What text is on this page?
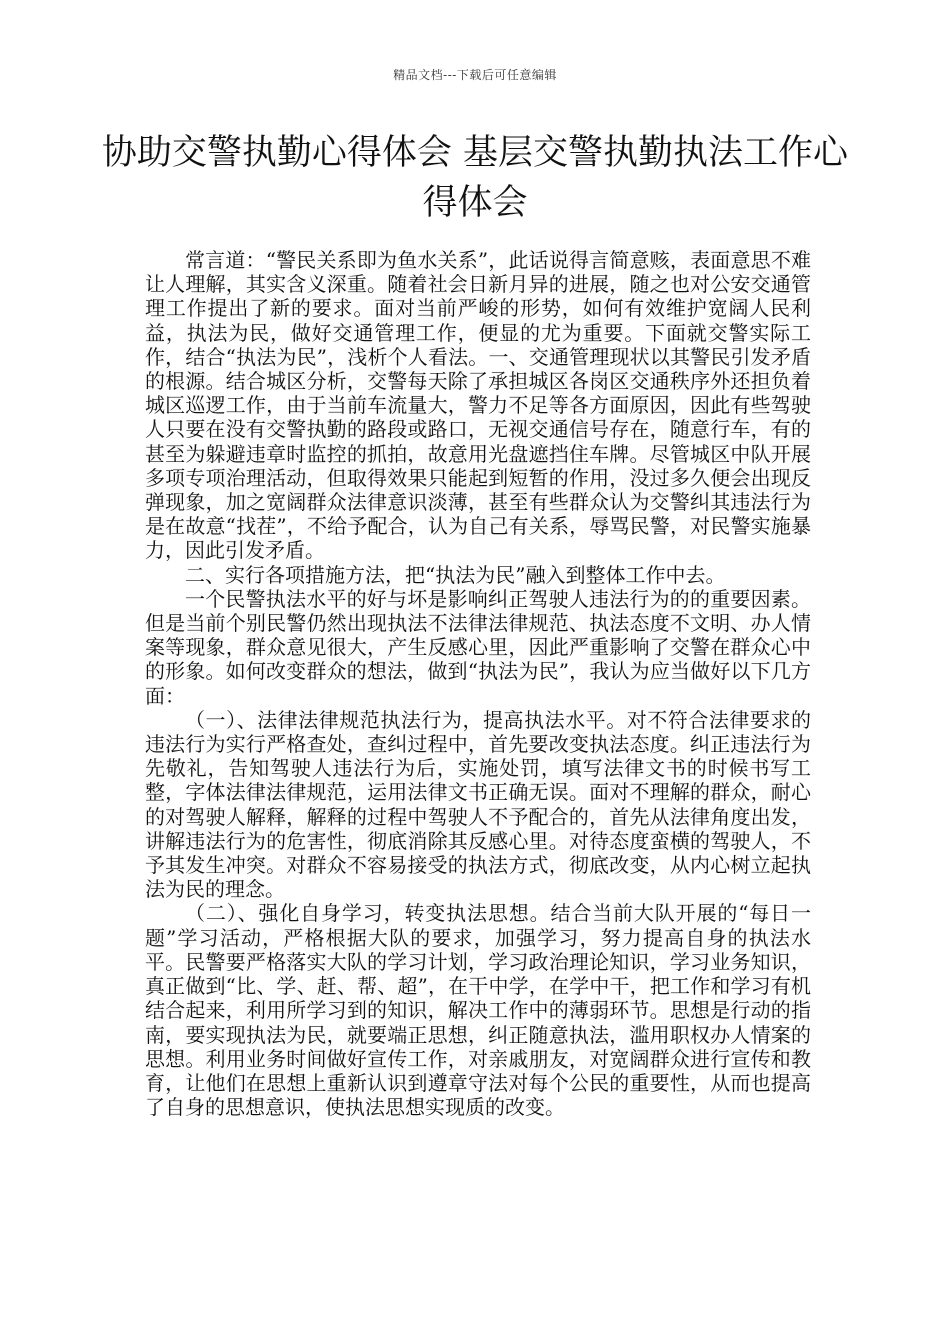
精品文档---下载后可任意编辑
协助交警执勤心得体会 基层交警执勤执法工作心得体会

常言道：“警民关系即为鱼水关系”，此话说得言简意赅，表面意思不难让人理解，其实含义深重。随着社会日新月异的进展，随之也对公安交通管理工作提出了新的要求。面对当前严峻的形势，如何有效维护宽阔人民利益，执法为民，做好交通管理工作，便显的尤为重要。下面就交警实际工作，结合“执法为民”，浅析个人看法。一、交通管理现状以其警民引发矛盾的根源。结合城区分析，交警每天除了承担城区各岗区交通秩序外还担负着城区巡逻工作，由于当前车流量大，警力不足等各方面原因，因此有些驾驶人只要在没有交警执勤的路段或路口，无视交通信号存在，随意行车，有的甚至为躲避违章时监控的抓拍，故意用光盘遮挡住车牌。尽管城区中队开展多项专项治理活动，但取得效果只能起到短暂的作用，没过多久便会出现反弹现象，加之宽阔群众法律意识淡薄，甚至有些群众认为交警纠其违法行为是在故意“找茬”，不给予配合，认为自己有关系，辱骂民警，对民警实施暴力，因此引发矛盾。

二、实行各项措施方法，把“执法为民”融入到整体工作中去。

一个民警执法水平的好与坏是影响纠正驾驶人违法行为的的重要因素。但是当前个别民警仍然出现执法不法律法律规范、执法态度不文明、办人情案等现象，群众意见很大，产生反感心里，因此严重影响了交警在群众心中的形象。如何改变群众的想法，做到“执法为民”，我认为应当做好以下几方面：

（一）、法律法律规范执法行为，提高执法水平。对不符合法律要求的违法行为实行严格查处，查纠过程中，首先要改变执法态度。纠正违法行为先敬礼，告知驾驶人违法行为后，实施处罚，填写法律文书的时候书写工整，字体法律法律规范，运用法律文书正确无误。面对不理解的群众，耐心的对驾驶人解释，解释的过程中驾驶人不予配合的，首先从法律角度出发，讲解违法行为的危害性，彻底消除其反感心里。对待态度蛮横的驾驶人，不予其发生冲突。对群众不容易接受的执法方式，彻底改变，从内心树立起执法为民的理念。

（二）、强化自身学习，转变执法思想。结合当前大队开展的“每日一题”学习活动，严格根据大队的要求，加强学习，努力提高自身的执法水平。民警要严格落实大队的学习计划，学习政治理论知识，学习业务知识，真正做到“比、学、赶、帮、超”，在干中学，在学中干，把工作和学习有机结合起来，利用所学习到的知识，解决工作中的薄弱环节。思想是行动的指南，要实现执法为民，就要端正思想，纠正随意执法，滥用职权办人情案的思想。利用业务时间做好宣传工作，对亲戚朋友，对宽阔群众进行宣传和教育，让他们在思想上重新认识到遵章守法对每个公民的重要性，从而也提高了自身的思想意识，使执法思想实现质的改变。
